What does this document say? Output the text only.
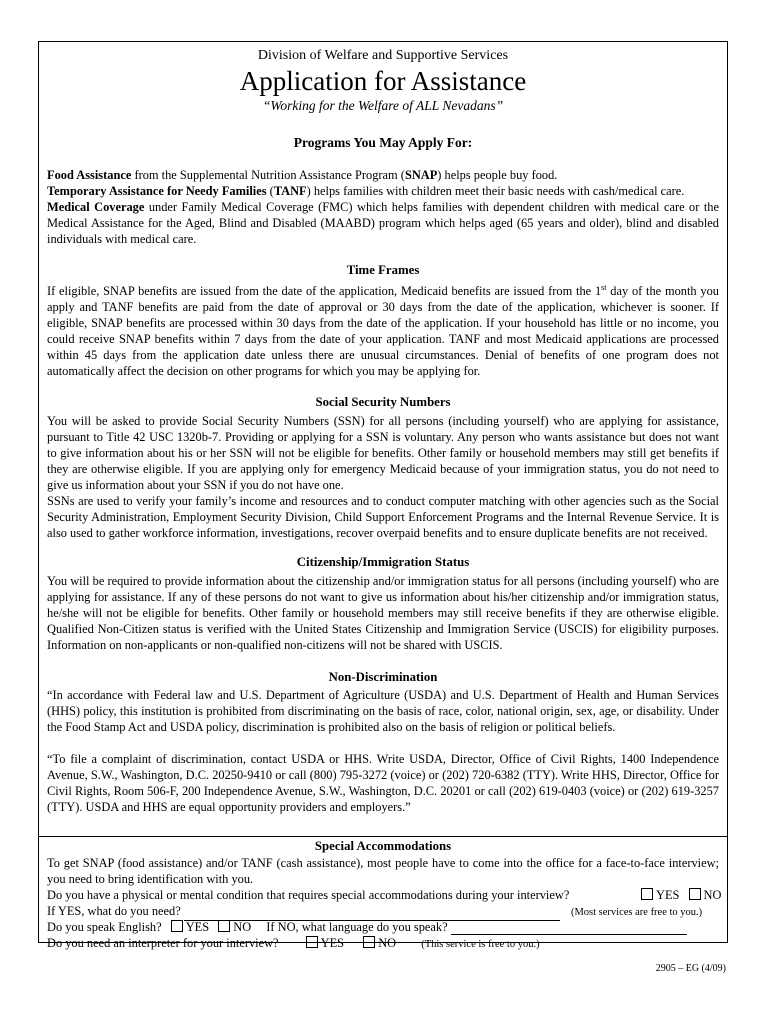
Division of Welfare and Supportive Services
Application for Assistance
“Working for the Welfare of ALL Nevadans”
Programs You May Apply For:

Food Assistance from the Supplemental Nutrition Assistance Program (SNAP) helps people buy food.

Temporary Assistance for Needy Families (TANF) helps families with children meet their basic needs with cash/medical care.

Medical Coverage under Family Medical Coverage (FMC) which helps families with dependent children with medical care or the Medical Assistance for the Aged, Blind and Disabled (MAABD) program which helps aged (65 years and older), blind and disabled individuals with medical care.

Time Frames

If eligible, SNAP benefits are issued from the date of the application, Medicaid benefits are issued from the 1st day of the month you apply and TANF benefits are paid from the date of approval or 30 days from the date of the application, whichever is sooner. If eligible, SNAP benefits are processed within 30 days from the date of the application. If your household has little or no income, you could receive SNAP benefits within 7 days from the date of your application. TANF and most Medicaid applications are processed within 45 days from the application date unless there are unusual circumstances. Denial of benefits of one program does not automatically affect the decision on other programs for which you may be applying for.

Social Security Numbers

You will be asked to provide Social Security Numbers (SSN) for all persons (including yourself) who are applying for assistance, pursuant to Title 42 USC 1320b-7. Providing or applying for a SSN is voluntary. Any person who wants assistance but does not want to give information about his or her SSN will not be eligible for benefits. Other family or household members may still get benefits if they are otherwise eligible. If you are applying only for emergency Medicaid because of your immigration status, you do not need to give us information about your SSN if you do not have one.

SSNs are used to verify your family’s income and resources and to conduct computer matching with other agencies such as the Social Security Administration, Employment Security Division, Child Support Enforcement Programs and the Internal Revenue Service. It is also used to gather workforce information, investigations, recover overpaid benefits and to ensure duplicate benefits are not received.

Citizenship/Immigration Status

You will be required to provide information about the citizenship and/or immigration status for all persons (including yourself) who are applying for assistance. If any of these persons do not want to give us information about his/her citizenship and/or immigration status, he/she will not be eligible for benefits. Other family or household members may still receive benefits if they are otherwise eligible. Qualified Non-Citizen status is verified with the United States Citizenship and Immigration Service (USCIS) for eligibility purposes. Information on non-applicants or non-qualified non-citizens will not be shared with USCIS.

Non-Discrimination

“In accordance with Federal law and U.S. Department of Agriculture (USDA) and U.S. Department of Health and Human Services (HHS) policy, this institution is prohibited from discriminating on the basis of race, color, national origin, sex, age, or disability. Under the Food Stamp Act and USDA policy, discrimination is prohibited also on the basis of religion or political beliefs.

“To file a complaint of discrimination, contact USDA or HHS. Write USDA, Director, Office of Civil Rights, 1400 Independence Avenue, S.W., Washington, D.C. 20250-9410 or call (800) 795-3272 (voice) or (202) 720-6382 (TTY). Write HHS, Director, Office for Civil Rights, Room 506-F, 200 Independence Avenue, S.W., Washington, D.C. 20201 or call (202) 619-0403 (voice) or (202) 619-3257 (TTY). USDA and HHS are equal opportunity providers and employers.”

Special Accommodations

To get SNAP (food assistance) and/or TANF (cash assistance), most people have to come into the office for a face-to-face interview; you need to bring identification with you.

Do you have a physical or mental condition that requires special accommodations during your interview?	YES NO
If YES, what do you need?	(Most services are free to you.)
Do you speak English? YES NO If NO, what language do you speak?
Do you need an interpreter for your interview?	YES	NO (This service is free to you.)
2905 – EG (4/09)
